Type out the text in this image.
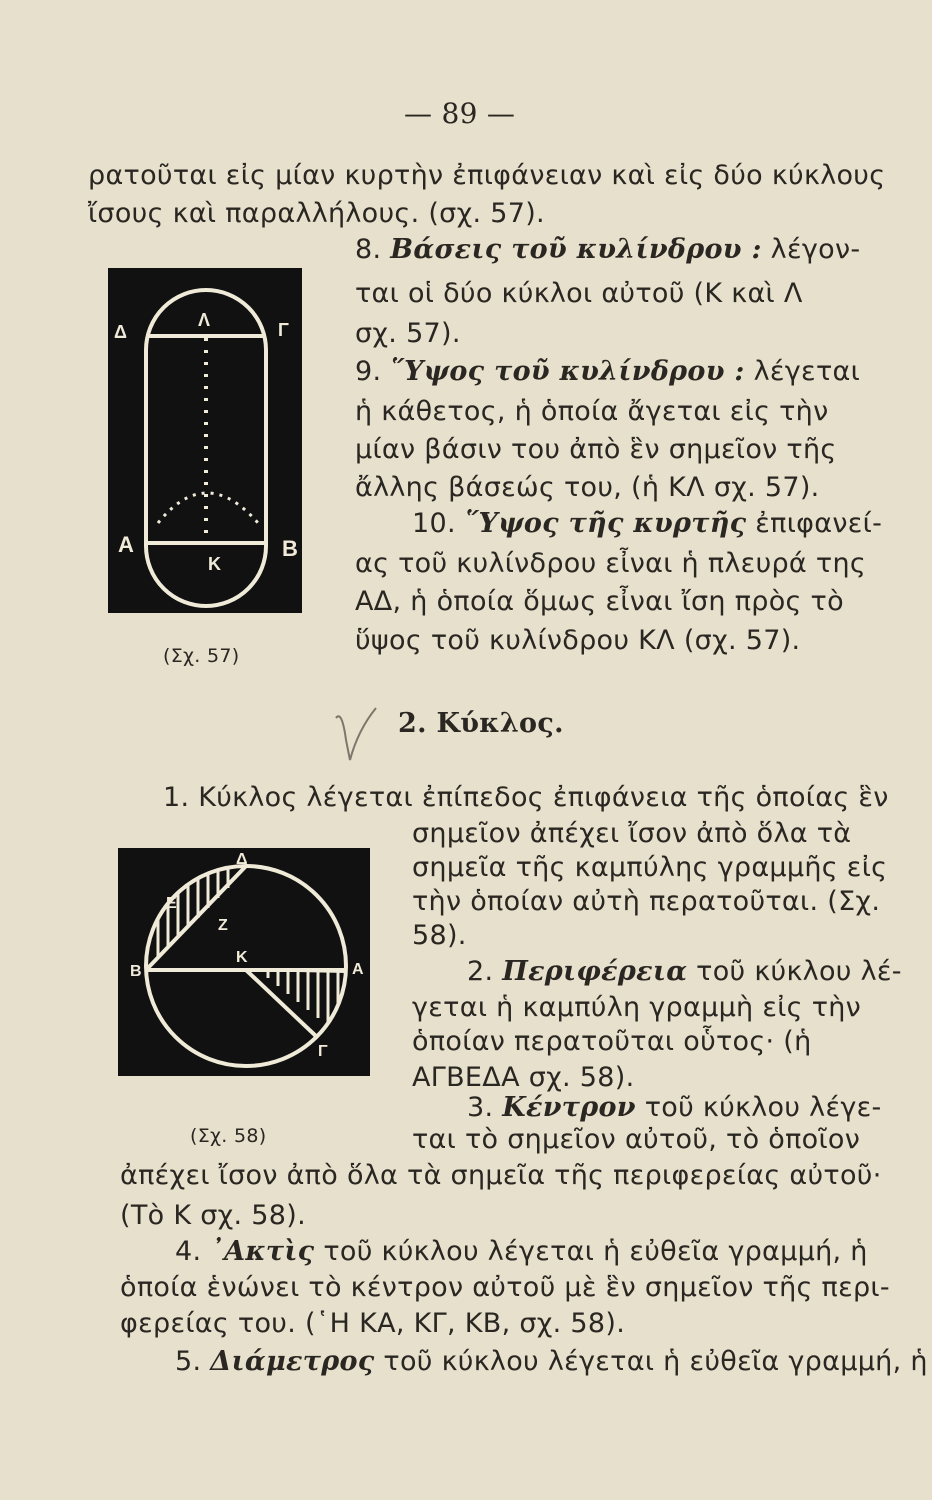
— 89 —
ρατοῦται εἰς μίαν κυρτὴν ἐπιφάνειαν καὶ εἰς δύο κύκλους
ἴσους καὶ παραλλήλους. (σχ. 57).
8. Βάσεις τοῦ κυλίνδρου : λέγον-
ται οἱ δύο κύκλοι αὐτοῦ (Κ καὶ Λ
σχ. 57).
9. ῞Υψος τοῦ κυλίνδρου : λέγεται
ἡ κάθετος, ἡ ὁποία ἄγεται εἰς τὴν
μίαν βάσιν του ἀπὸ ἓν σημεῖον τῆς
ἄλλης βάσεώς του, (ἡ ΚΛ σχ. 57).
10. ῞Υψος τῆς κυρτῆς ἐπιφανεί-
ας τοῦ κυλίνδρου εἶναι ἡ πλευρά της
ΑΔ, ἡ ὁποία ὅμως εἶναι ἴση πρὸς τὸ
ὕψος τοῦ κυλίνδρου ΚΛ (σχ. 57).
Λ
Δ	Γ
Α	Β
Κ
(Σχ. 57)
2. Κύκλος.
1. Κύκλος λέγεται ἐπίπεδος ἐπιφάνεια τῆς ὁποίας ἓν
σημεῖον ἀπέχει ἴσον ἀπὸ ὅλα τὰ
σημεῖα τῆς καμπύλης γραμμῆς εἰς
τὴν ὁποίαν αὐτὴ περατοῦται. (Σχ.
58).
2. Περιφέρεια τοῦ κύκλου λέ-
γεται ἡ καμπύλη γραμμὴ εἰς τὴν
ὁποίαν περατοῦται οὗτος· (ἡ
ΑΓΒΕΔΑ σχ. 58).
3. Κέντρον τοῦ κύκλου λέγε-
ται τὸ σημεῖον αὐτοῦ, τὸ ὁποῖον
Δ
Ε
Ζ
Κ
Β	Α
Γ
(Σχ. 58)
ἀπέχει ἴσον ἀπὸ ὅλα τὰ σημεῖα τῆς περιφερείας αὐτοῦ·
(Τὸ Κ σχ. 58).
4. ᾿Ακτὶς τοῦ κύκλου λέγεται ἡ εὐθεῖα γραμμή, ἡ
ὁποία ἑνώνει τὸ κέντρον αὐτοῦ μὲ ἓν σημεῖον τῆς περι-
φερείας του. (῾Η ΚΑ, ΚΓ, ΚΒ, σχ. 58).
5. Διάμετρος τοῦ κύκλου λέγεται ἡ εὐθεῖα γραμμή, ἡ
